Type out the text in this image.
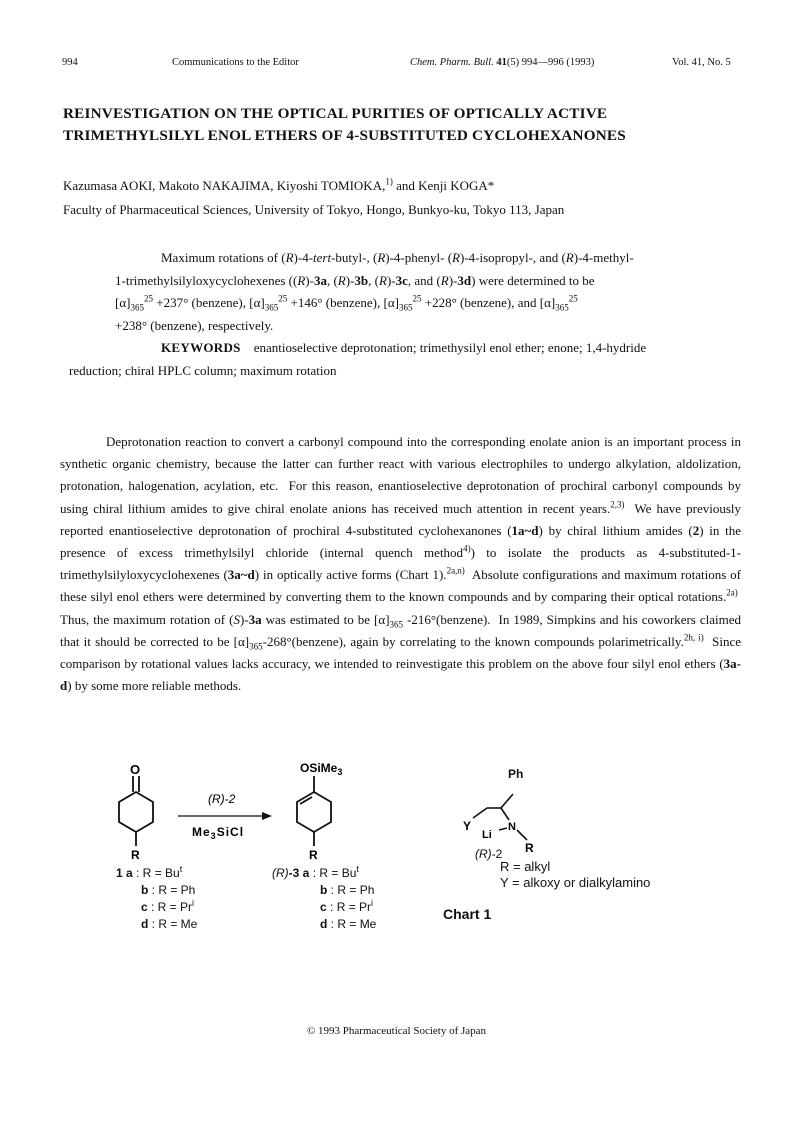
994	Communications to the Editor	Chem. Pharm. Bull. 41(5) 994—996 (1993)	Vol. 41, No. 5
REINVESTIGATION ON THE OPTICAL PURITIES OF OPTICALLY ACTIVE
TRIMETHYLSILYL ENOL ETHERS OF 4-SUBSTITUTED CYCLOHEXANONES
Kazumasa AOKI, Makoto NAKAJIMA, Kiyoshi TOMIOKA,$^{1)}$ and Kenji KOGA*
Faculty of Pharmaceutical Sciences, University of Tokyo, Hongo, Bunkyo-ku, Tokyo 113, Japan

Maximum rotations of (R)-4-tert-butyl-, (R)-4-phenyl- (R)-4-isopropyl-, and (R)-4-methyl-
1-trimethylsilyloxycyclohexenes ((R)-3a, (R)-3b, (R)-3c, and (R)-3d) were determined to be
$[\alpha]_{365}^{25} +237^\circ$ (benzene), $[\alpha]_{365}^{25} +146^\circ$ (benzene), $[\alpha]_{365}^{25} +228^\circ$ (benzene), and $[\alpha]_{365}^{25}$
+238° (benzene), respectively.

KEYWORDS    enantioselective deprotonation; trimethysilyl enol ether; enone; 1,4-hydride
reduction; chiral HPLC column; maximum rotation

Deprotonation reaction to convert a carbonyl compound into the corresponding enolate anion is an important process in synthetic organic chemistry, because the latter can further react with various electrophiles to undergo alkylation, aldolization, protonation, halogenation, acylation, etc.  For this reason, enantioselective deprotonation of prochiral carbonyl compounds by using chiral lithium amides to give chiral enolate anions has received much attention in recent years.$^{2,3)}$  We have previously reported enantioselective deprotonation of prochiral 4-substituted cyclohexanones (1a~d) by chiral lithium amides (2) in the presence of excess trimethylsilyl chloride (internal quench method$^{4)}$) to isolate the products as 4-substituted-1-trimethylsilyloxycyclohexenes (3a~d) in optically active forms (Chart 1).$^{2a,n)}$  Absolute configurations and maximum rotations of these silyl enol ethers were determined by converting them to the known compounds and by comparing their optical rotations.$^{2a)}$  Thus, the maximum rotation of (S)-3a was estimated to be $[\alpha]_{365}$ -216°(benzene).  In 1989, Simpkins and his coworkers claimed that it should be corrected to be $[\alpha]_{365}-268^\circ(benzene)$, again by correlating to the known compounds polarimetrically.$^{2h, i)}$  Since comparison by rotational values lacks accuracy, we intended to reinvestigate this problem on the above four silyl enol ethers (3a-d) by some more reliable methods.

O
R
(R)-2
$Me_3SiCl$
OSiMe$_3$
R
1 a : $R = Bu^t$
b : R = Ph
c : $R = Pr^i$
d : R = Me
(R)-3 a : $R = Bu^t$
b : R = Ph
c : $R = Pr^i$
d : R = Me
Y	N
Li
R
Ph
(R)-2
R = alkyl
Y = alkoxy or dialkylamino
Chart 1
© 1993 Pharmaceutical Society of Japan
